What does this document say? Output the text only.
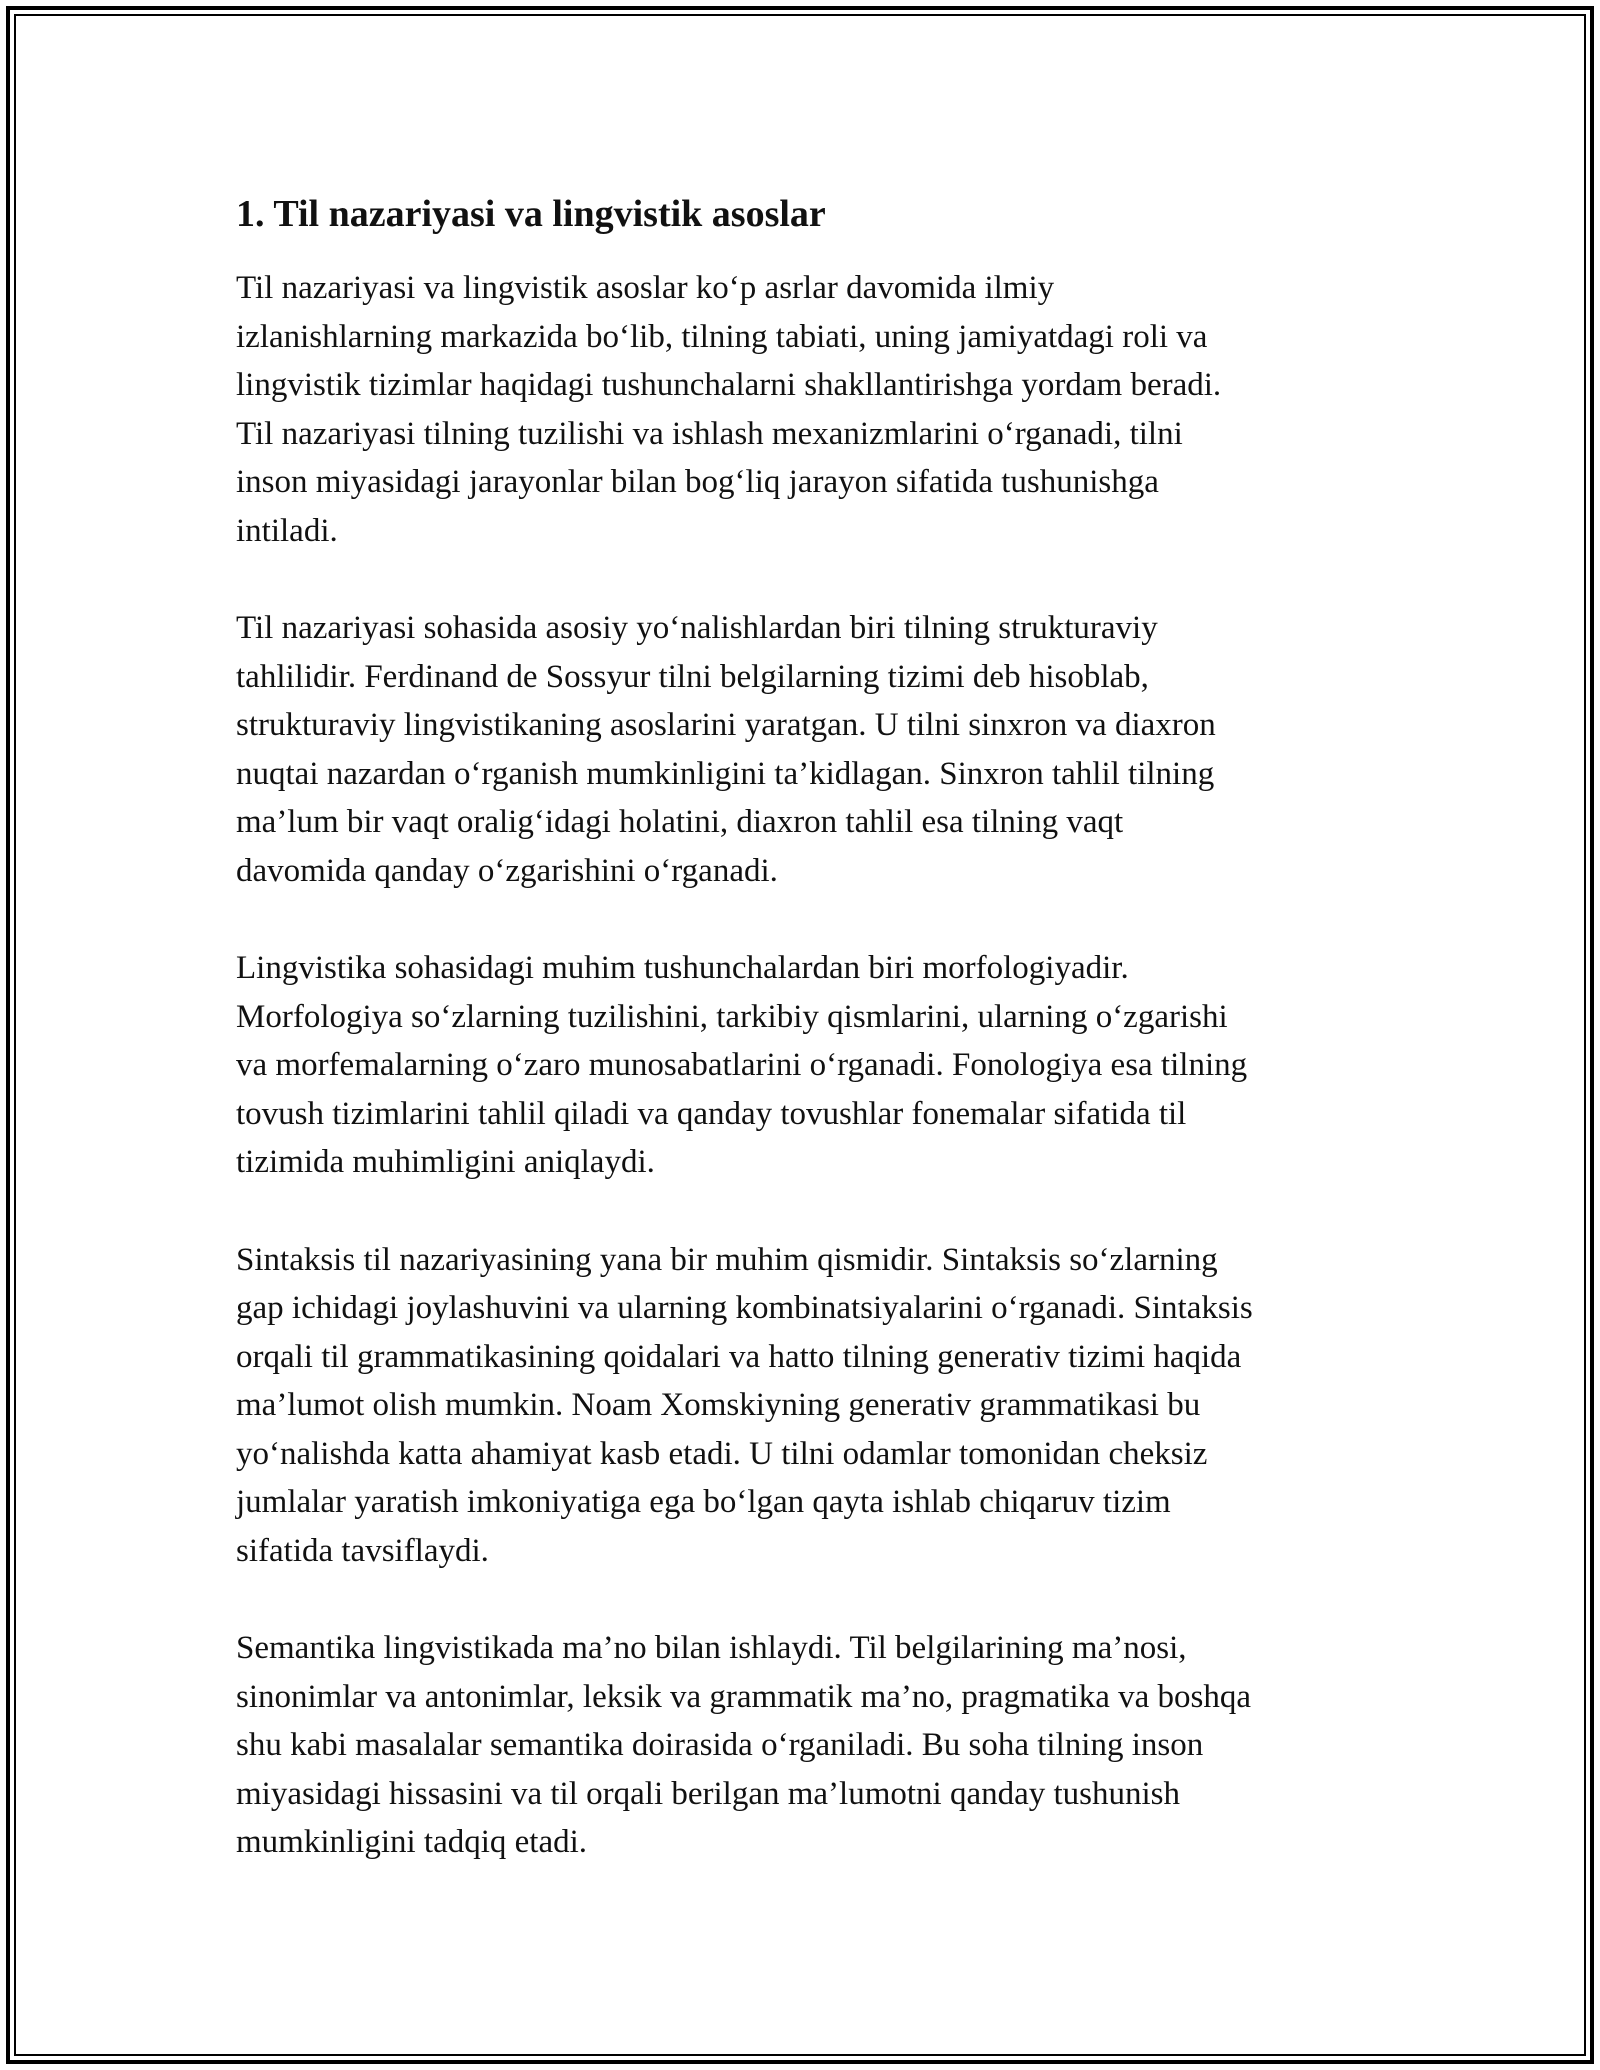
1. Til nazariyasi va lingvistik asoslar

Til nazariyasi va lingvistik asoslar ko‘p asrlar davomida ilmiy
izlanishlarning markazida bo‘lib, tilning tabiati, uning jamiyatdagi roli va
lingvistik tizimlar haqidagi tushunchalarni shakllantirishga yordam beradi.
Til nazariyasi tilning tuzilishi va ishlash mexanizmlarini o‘rganadi, tilni
inson miyasidagi jarayonlar bilan bog‘liq jarayon sifatida tushunishga
intiladi.

Til nazariyasi sohasida asosiy yo‘nalishlardan biri tilning strukturaviy
tahlilidir. Ferdinand de Sossyur tilni belgilarning tizimi deb hisoblab,
strukturaviy lingvistikaning asoslarini yaratgan. U tilni sinxron va diaxron
nuqtai nazardan o‘rganish mumkinligini ta’kidlagan. Sinxron tahlil tilning
ma’lum bir vaqt oralig‘idagi holatini, diaxron tahlil esa tilning vaqt
davomida qanday o‘zgarishini o‘rganadi.

Lingvistika sohasidagi muhim tushunchalardan biri morfologiyadir.
Morfologiya so‘zlarning tuzilishini, tarkibiy qismlarini, ularning o‘zgarishi
va morfemalarning o‘zaro munosabatlarini o‘rganadi. Fonologiya esa tilning
tovush tizimlarini tahlil qiladi va qanday tovushlar fonemalar sifatida til
tizimida muhimligini aniqlaydi.

Sintaksis til nazariyasining yana bir muhim qismidir. Sintaksis so‘zlarning
gap ichidagi joylashuvini va ularning kombinatsiyalarini o‘rganadi. Sintaksis
orqali til grammatikasining qoidalari va hatto tilning generativ tizimi haqida
ma’lumot olish mumkin. Noam Xomskiyning generativ grammatikasi bu
yo‘nalishda katta ahamiyat kasb etadi. U tilni odamlar tomonidan cheksiz
jumlalar yaratish imkoniyatiga ega bo‘lgan qayta ishlab chiqaruv tizim
sifatida tavsiflaydi.

Semantika lingvistikada ma’no bilan ishlaydi. Til belgilarining ma’nosi,
sinonimlar va antonimlar, leksik va grammatik ma’no, pragmatika va boshqa
shu kabi masalalar semantika doirasida o‘rganiladi. Bu soha tilning inson
miyasidagi hissasini va til orqali berilgan ma’lumotni qanday tushunish
mumkinligini tadqiq etadi.
